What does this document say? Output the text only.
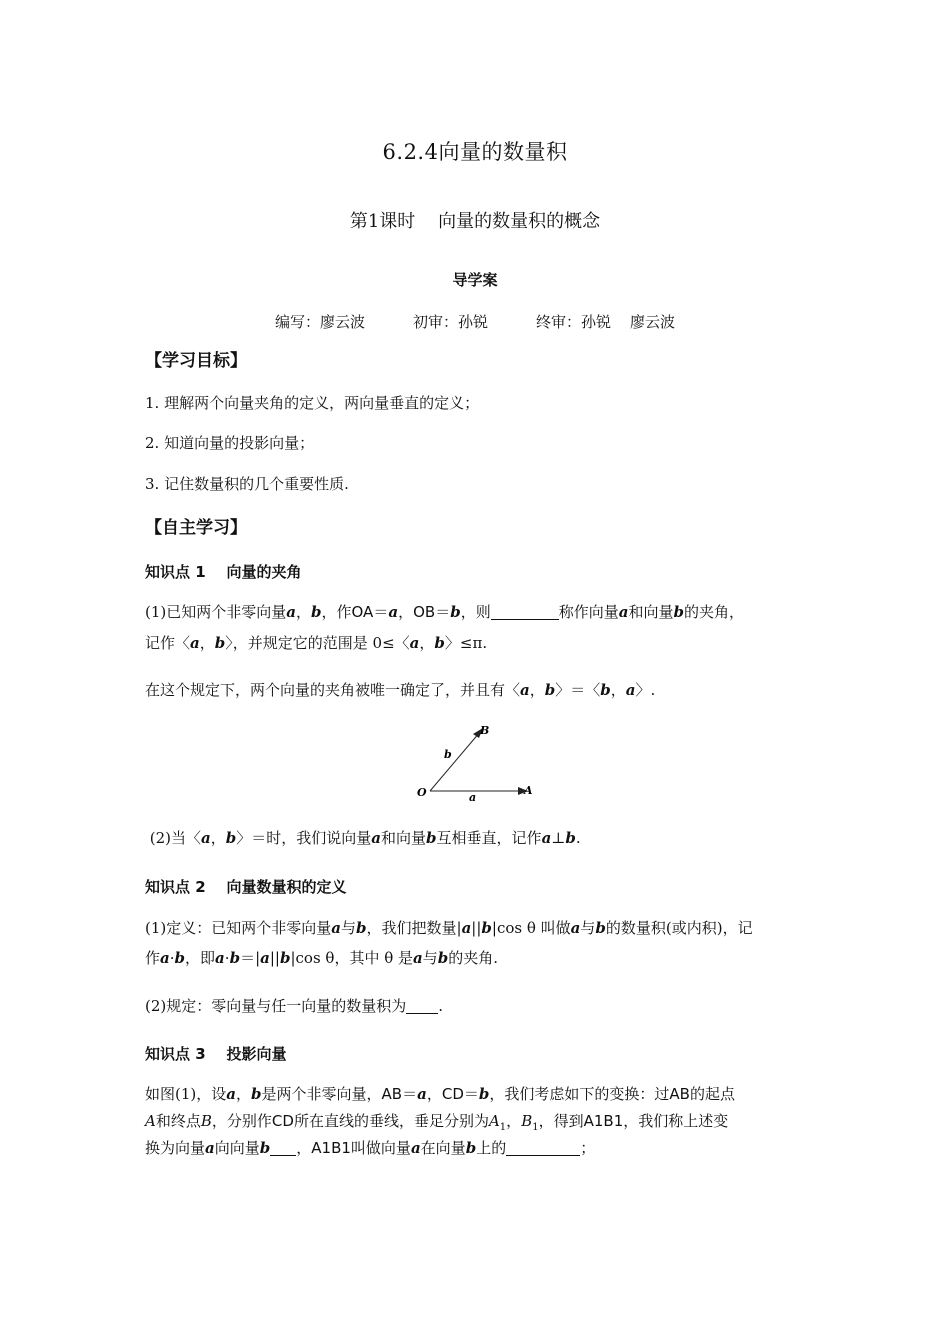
6.2.4向量的数量积
第1课时    向量的数量积的概念
导学案
编写：廖云波	初审：孙锐	终审：孙锐    廖云波
【学习目标】
1. 理解两个向量夹角的定义，两向量垂直的定义；
2. 知道向量的投影向量；
3. 记住数量积的几个重要性质.
【自主学习】
知识点 1    向量的夹角
(1)已知两个非零向量a，b，作OA＝a，OB＝b，则	称作向量a和向量b的夹角，
记作〈a，b〉，并规定它的范围是 0≤〈a，b〉≤π.
在这个规定下，两个向量的夹角被唯一确定了，并且有〈a，b〉＝〈b，a〉.
B
b
O	a
A
(2)当〈a，b〉＝时，我们说向量a和向量b互相垂直，记作a⊥b.
知识点 2    向量数量积的定义
(1)定义：已知两个非零向量a与b，我们把数量|a||b|cos θ 叫做a与b的数量积(或内积)，记
作a·b，即a·b＝|a||b|cos θ，其中 θ 是a与b的夹角.
(2)规定：零向量与任一向量的数量积为 .
知识点 3    投影向量
如图(1)，设a，b是两个非零向量，AB＝a，CD＝b，我们考虑如下的变换：过AB的起点
A和终点B，分别作CD所在直线的垂线，垂足分别为$A_1$，$B_1$，得到A1B1，我们称上述变
换为向量a向向量b ，A1B1叫做向量a在向量b上的	；
